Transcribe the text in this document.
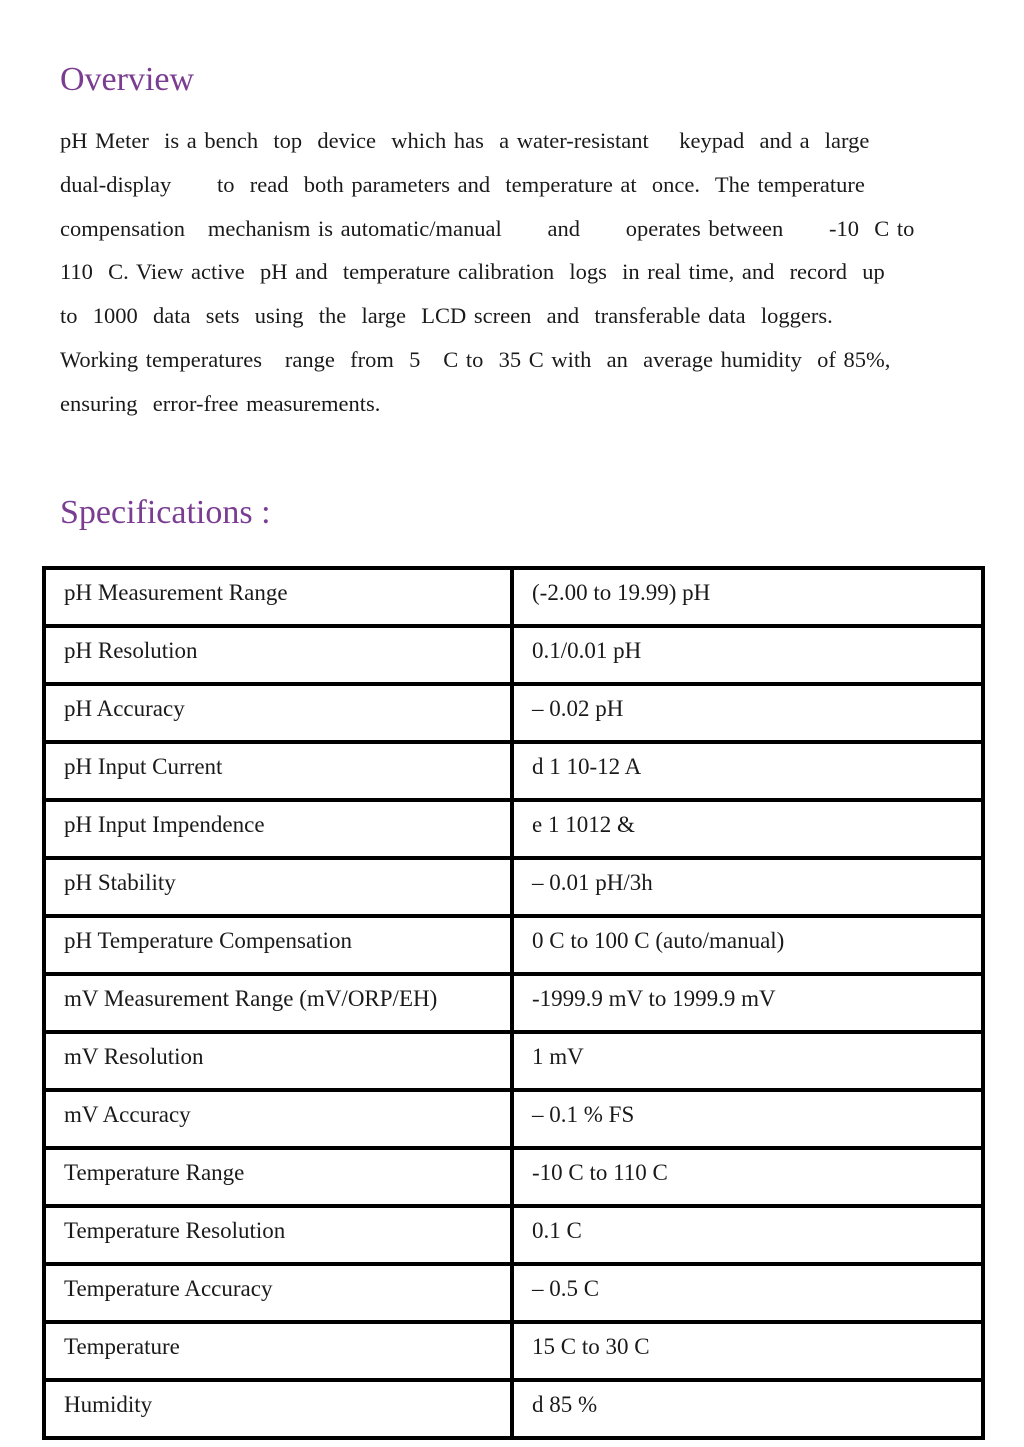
Overview
pH Meter  is a bench  top  device  which has  a water-resistant    keypad  and a  large
dual-display      to  read  both parameters and  temperature at  once.  The temperature
compensation   mechanism is automatic/manual      and      operates between      -10  C to
110  C. View active  pH and  temperature calibration  logs  in real time, and  record  up
to  1000  data  sets  using  the  large  LCD screen  and  transferable data  loggers.
Working temperatures   range  from  5   C to  35 C with  an  average humidity  of 85%,
ensuring  error-free measurements.
Specifications :
pH Measurement Range	(-2.00 to 19.99) pH
pH Resolution	0.1/0.01 pH
pH Accuracy	– 0.02 pH
pH Input Current	d 1 10-12 A
pH Input Impendence	e 1 1012 &
pH Stability	– 0.01 pH/3h
pH Temperature Compensation	0 C to 100 C (auto/manual)
mV Measurement Range (mV/ORP/EH)	-1999.9 mV to 1999.9 mV
mV Resolution	1 mV
mV Accuracy	– 0.1 % FS
Temperature Range	-10 C to 110 C
Temperature Resolution	0.1 C
Temperature Accuracy	– 0.5 C
Temperature	15 C to 30 C
Humidity	d 85 %
